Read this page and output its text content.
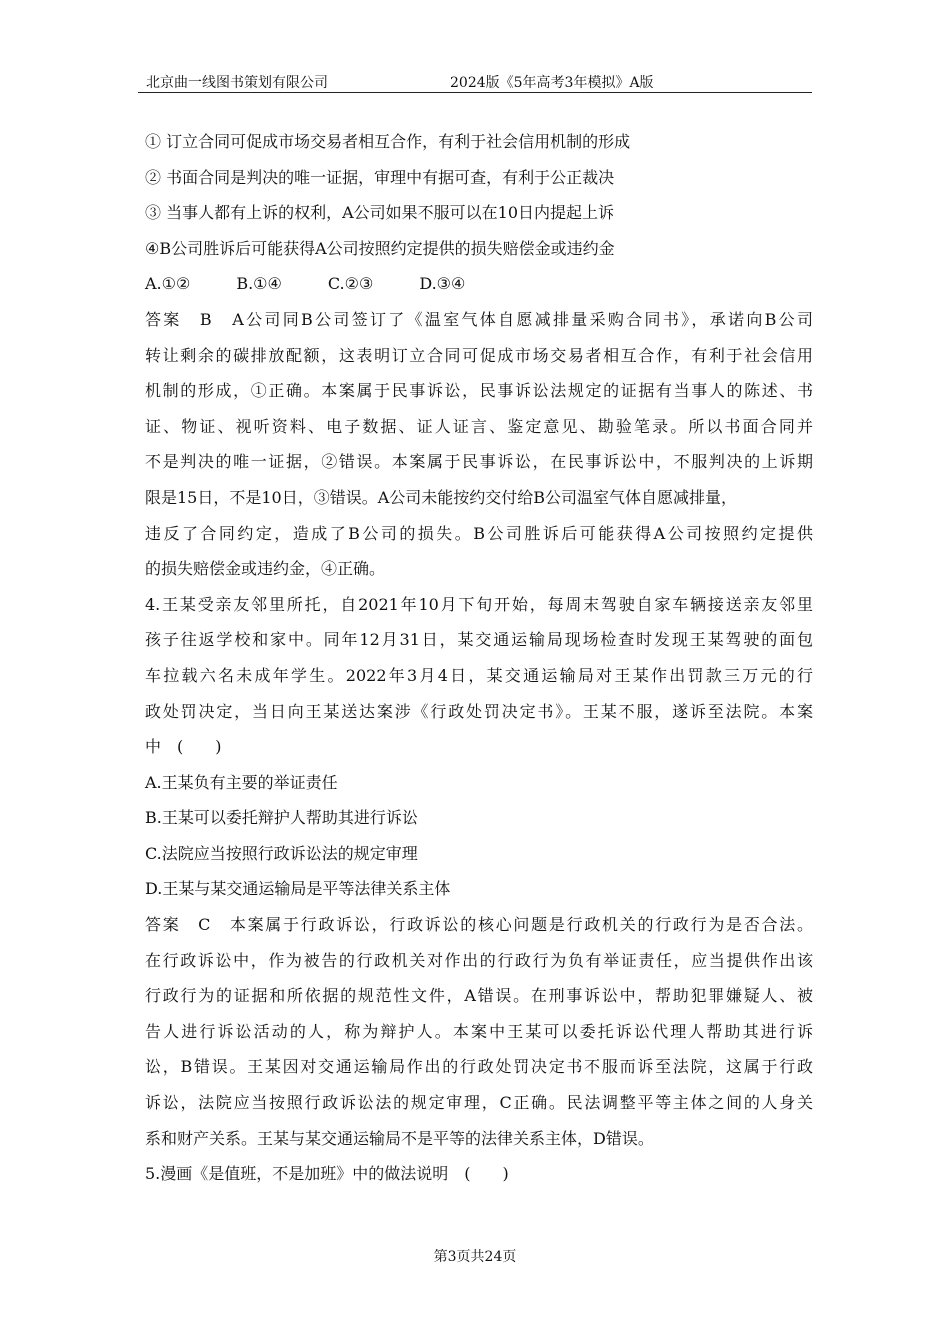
北京曲一线图书策划有限公司	2024版《5年高考3年模拟》A版
① 订立合同可促成市场交易者相互合作，有利于社会信用机制的形成
② 书面合同是判决的唯一证据，审理中有据可查，有利于公正裁决
③ 当事人都有上诉的权利，A公司如果不服可以在10日内提起上诉
④B公司胜诉后可能获得A公司按照约定提供的损失赔偿金或违约金
A.①②	B.①④	C.②③	D.③④
答案　B　A公司同B公司签订了《温室气体自愿减排量采购合同书》，承诺向B公司
转让剩余的碳排放配额，这表明订立合同可促成市场交易者相互合作，有利于社会信用
机制的形成，①正确。本案属于民事诉讼，民事诉讼法规定的证据有当事人的陈述、书
证、物证、视听资料、电子数据、证人证言、鉴定意见、勘验笔录。所以书面合同并
不是判决的唯一证据，②错误。本案属于民事诉讼，在民事诉讼中，不服判决的上诉期
限是15日，不是10日，③错误。A公司未能按约交付给B公司温室气体自愿减排量，
违反了合同约定，造成了B公司的损失。B公司胜诉后可能获得A公司按照约定提供
的损失赔偿金或违约金，④正确。
4.王某受亲友邻里所托，自2021年10月下旬开始，每周末驾驶自家车辆接送亲友邻里
孩子往返学校和家中。同年12月31日，某交通运输局现场检查时发现王某驾驶的面包
车拉载六名未成年学生。2022年3月4日，某交通运输局对王某作出罚款三万元的行
政处罚决定，当日向王某送达案涉《行政处罚决定书》。王某不服，遂诉至法院。本案
中　(　　)
A.王某负有主要的举证责任
B.王某可以委托辩护人帮助其进行诉讼
C.法院应当按照行政诉讼法的规定审理
D.王某与某交通运输局是平等法律关系主体
答案　C　本案属于行政诉讼，行政诉讼的核心问题是行政机关的行政行为是否合法。
在行政诉讼中，作为被告的行政机关对作出的行政行为负有举证责任，应当提供作出该
行政行为的证据和所依据的规范性文件，A错误。在刑事诉讼中，帮助犯罪嫌疑人、被
告人进行诉讼活动的人，称为辩护人。本案中王某可以委托诉讼代理人帮助其进行诉
讼，B错误。王某因对交通运输局作出的行政处罚决定书不服而诉至法院，这属于行政
诉讼，法院应当按照行政诉讼法的规定审理，C正确。民法调整平等主体之间的人身关
系和财产关系。王某与某交通运输局不是平等的法律关系主体，D错误。
5.漫画《是值班，不是加班》中的做法说明　(　　)
第3页共24页
